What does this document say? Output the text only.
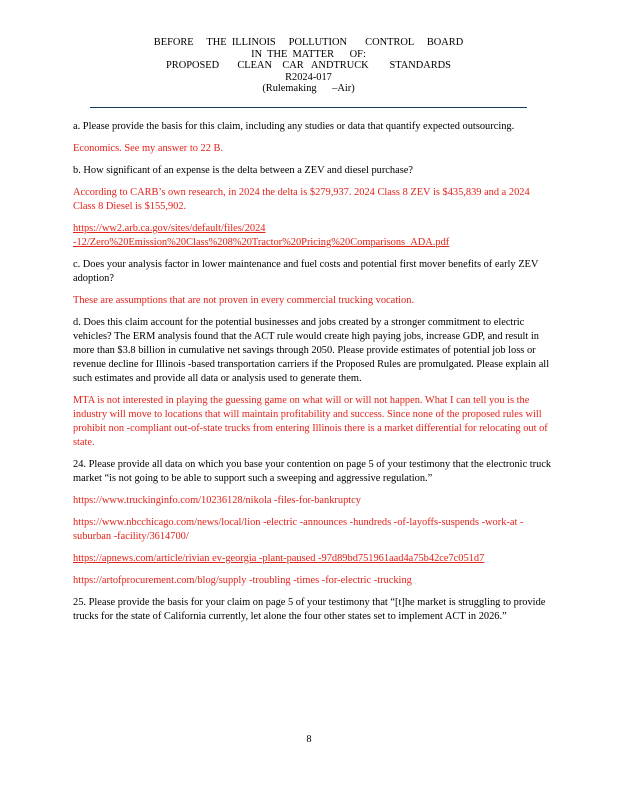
BEFORE     THE  ILLINOIS     POLLUTION       CONTROL     BOARD
IN  THE  MATTER      OF:
PROPOSED       CLEAN    CAR   ANDTRUCK        STANDARDS
R2024-017
(Rulemaking      –Air)

a. Please provide the basis for this claim, including any studies or data that quantify expected outsourcing.

Economics. See my answer to 22 B.

b. How significant of an expense is the delta between a ZEV and diesel purchase?

According to CARB’s own research, in 2024 the delta is $279,937. 2024 Class 8 ZEV is $435,839 and a 2024 Class 8 Diesel is $155,902.

https://ww2.arb.ca.gov/sites/default/files/2024 -12/Zero%20Emission%20Class%208%20Tractor%20Pricing%20Comparisons_ADA.pdf

c. Does your analysis factor in lower maintenance and fuel costs and potential first mover benefits of early ZEV adoption?

These are assumptions that are not proven in every commercial trucking vocation.

d. Does this claim account for the potential businesses and jobs created by a stronger commitment to electric vehicles? The ERM analysis found that the ACT rule would create high paying jobs, increase GDP, and result in more than $3.8 billion in cumulative net savings through 2050. Please provide estimates of potential job loss or revenue decline for Illinois -based transportation carriers if the Proposed Rules are promulgated. Please explain all such estimates and provide all data or analysis used to generate them.

MTA is not interested in playing the guessing game on what will or will not happen. What I can tell you is the industry will move to locations that will maintain profitability and success. Since none of the proposed rules will prohibit non -compliant out-of-state trucks from entering Illinois there is a market differential for relocating out of state.

24. Please provide all data on which you base your contention on page 5 of your testimony that the electronic truck market “is not going to be able to support such a sweeping and aggressive regulation.”

https://www.truckinginfo.com/10236128/nikola -files-for-bankruptcy

https://www.nbcchicago.com/news/local/lion -electric -announces -hundreds -of-layoffs-suspends -work-at -suburban -facility/3614700/

https://apnews.com/article/rivian ev-georgia -plant-paused -97d89bd751961aad4a75b42ce7c051d7

https://artofprocurement.com/blog/supply -troubling -times -for-electric -trucking

25. Please provide the basis for your claim on page 5 of your testimony that “[t]he market is struggling to provide trucks for the state of California currently, let alone the four other states set to implement ACT in 2026.”

8
